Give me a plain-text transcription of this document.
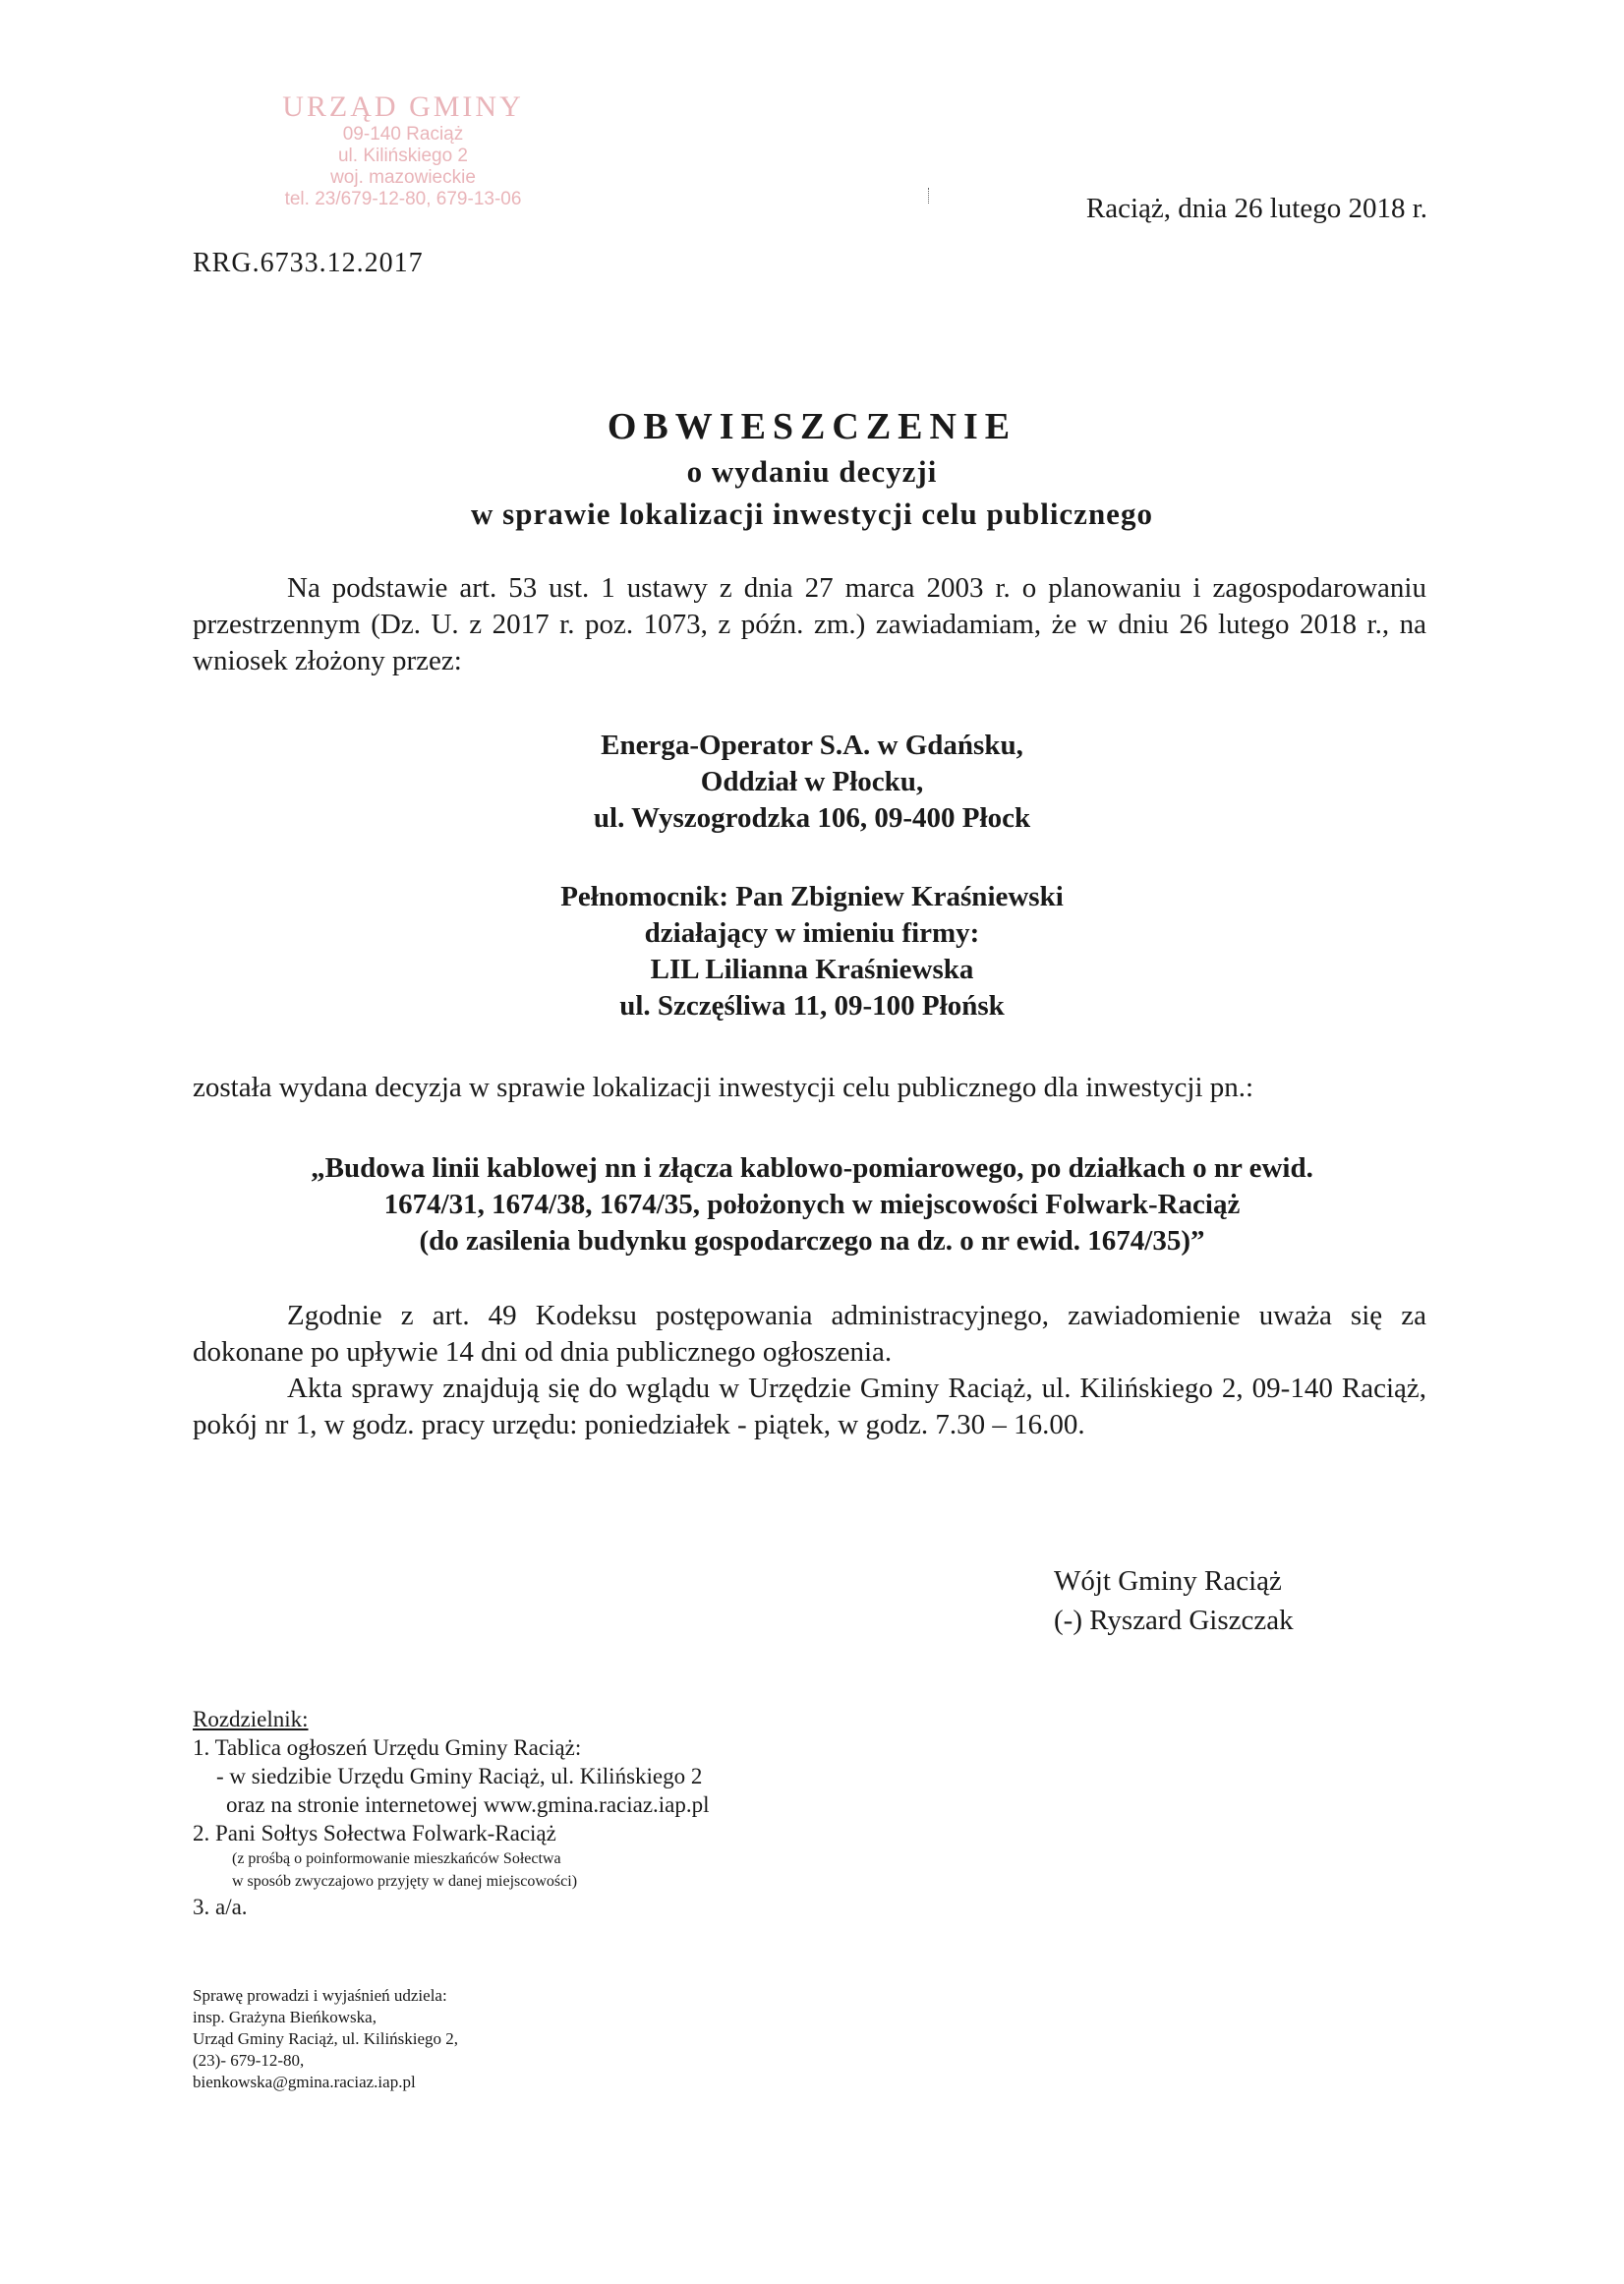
URZĄD GMINY
09-140 Raciąż
ul. Kilińskiego 2
woj. mazowieckie
tel. 23/679-12-80, 679-13-06	Raciąż, dnia 26 lutego 2018 r.
RRG.6733.12.2017
OBWIESZCZENIE
o wydaniu decyzji
w sprawie lokalizacji inwestycji celu publicznego
Na podstawie art. 53 ust. 1 ustawy z dnia 27 marca 2003 r. o planowaniu i zagospodarowaniu przestrzennym (Dz. U. z 2017 r. poz. 1073, z późn. zm.) zawiadamiam, że w dniu 26 lutego 2018 r., na wniosek złożony przez:
Energa-Operator S.A. w Gdańsku,
Oddział w Płocku,
ul. Wyszogrodzka 106, 09-400 Płock
Pełnomocnik: Pan Zbigniew Kraśniewski
działający w imieniu firmy:
LIL Lilianna Kraśniewska
ul. Szczęśliwa 11, 09-100 Płońsk
została wydana decyzja w sprawie lokalizacji inwestycji celu publicznego dla inwestycji pn.:
„Budowa linii kablowej nn i złącza kablowo-pomiarowego, po działkach o nr ewid.
1674/31, 1674/38, 1674/35, położonych w miejscowości Folwark-Raciąż
(do zasilenia budynku gospodarczego na dz. o nr ewid. 1674/35)”
Zgodnie z art. 49 Kodeksu postępowania administracyjnego, zawiadomienie uważa się za dokonane po upływie 14 dni od dnia publicznego ogłoszenia.
Akta sprawy znajdują się do wglądu w Urzędzie Gminy Raciąż, ul. Kilińskiego 2, 09-140 Raciąż, pokój nr 1, w godz. pracy urzędu: poniedziałek - piątek, w godz. 7.30 – 16.00.
Wójt Gminy Raciąż
(-) Ryszard Giszczak
Rozdzielnik:
1. Tablica ogłoszeń Urzędu Gminy Raciąż:
- w siedzibie Urzędu Gminy Raciąż, ul. Kilińskiego 2
oraz na stronie internetowej www.gmina.raciaz.iap.pl
2. Pani Sołtys Sołectwa Folwark-Raciąż
(z prośbą o poinformowanie mieszkańców Sołectwa
w sposób zwyczajowo przyjęty w danej miejscowości)
3. a/a.
Sprawę prowadzi i wyjaśnień udziela:
insp. Grażyna Bieńkowska,
Urząd Gminy Raciąż, ul. Kilińskiego 2,
(23)- 679-12-80,
bienkowska@gmina.raciaz.iap.pl
